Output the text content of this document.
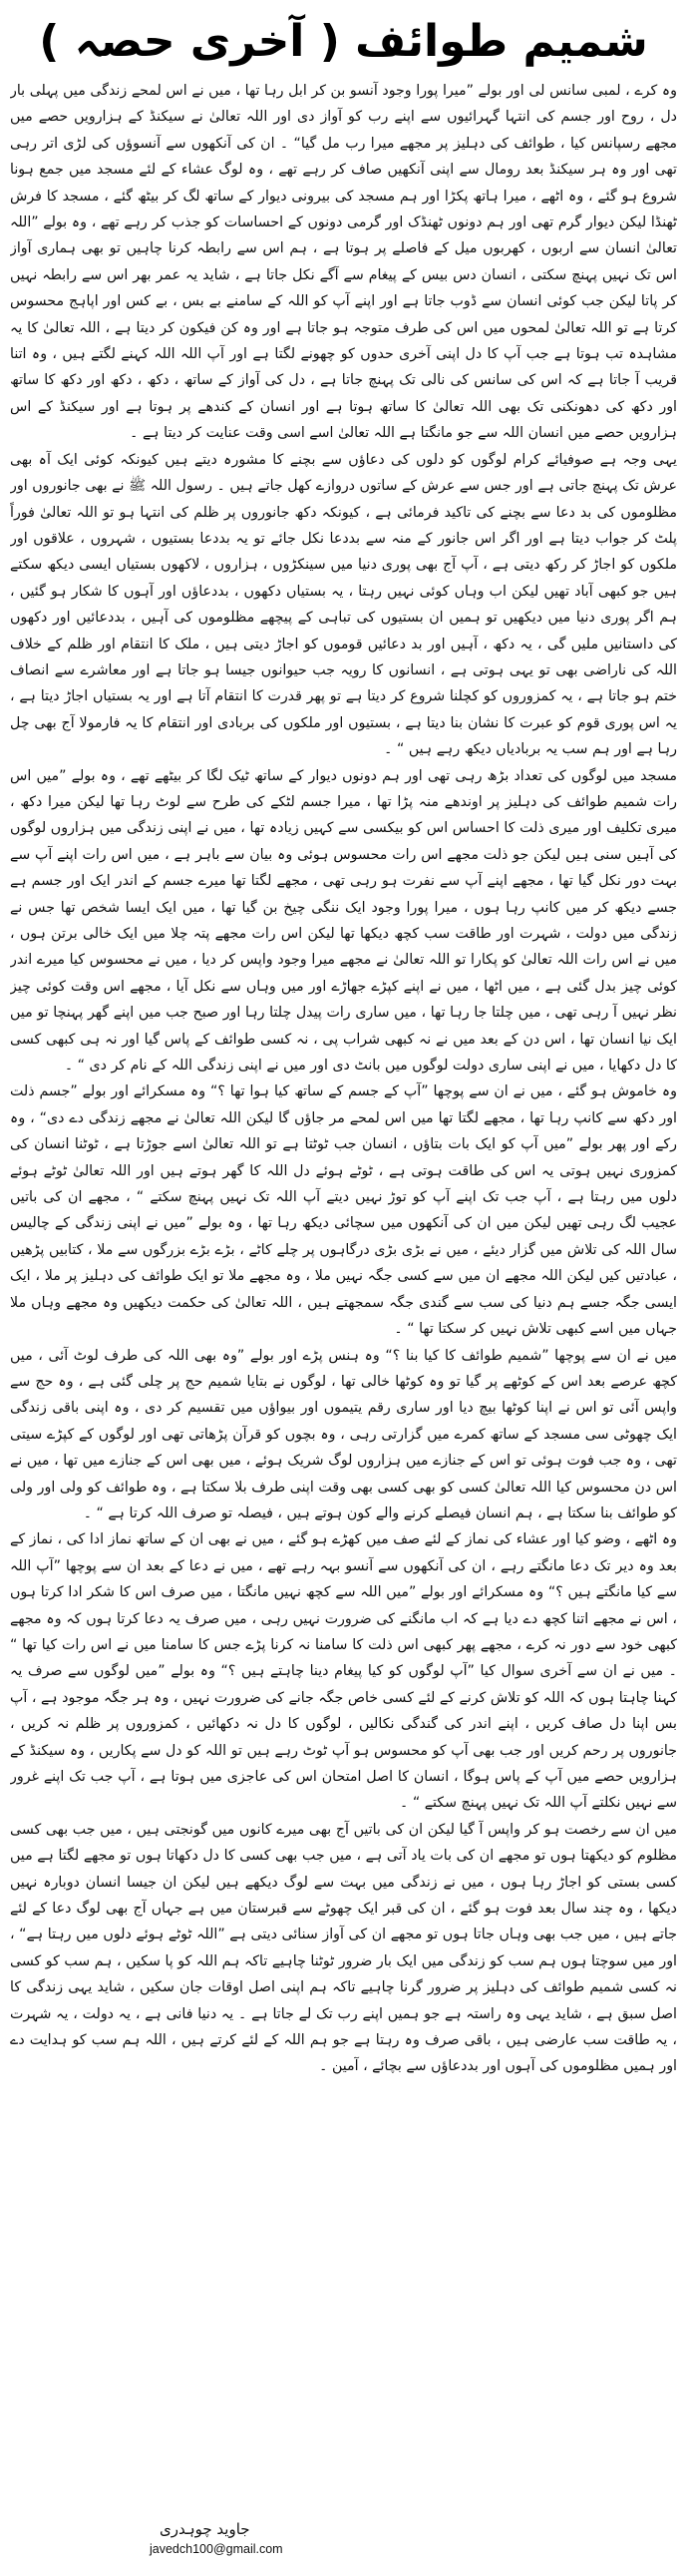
شمیم طوائف ( آخری حصہ )

وہ کرے ، لمبی سانس لی اور بولے ”میرا پورا وجود آنسو بن کر ابل رہا تھا ، میں نے اس لمحے زندگی میں پہلی بار دل ، روح اور جسم کی انتہا گہرائیوں سے اپنے رب کو آواز دی اور اللہ تعالیٰ نے سیکنڈ کے ہزارویں حصے میں مجھے رسپانس کیا ، طوائف کی دہلیز پر مجھے میرا رب مل گیا“ ۔ ان کی آنکھوں سے آنسوؤں کی لڑی اتر رہی تھی اور وہ ہر سیکنڈ بعد رومال سے اپنی آنکھیں صاف کر رہے تھے ، وہ لوگ عشاء کے لئے مسجد میں جمع ہونا شروع ہو گئے ، وہ اٹھے ، میرا ہاتھ پکڑا اور ہم مسجد کی بیرونی دیوار کے ساتھ لگ کر بیٹھ گئے ، مسجد کا فرش ٹھنڈا لیکن دیوار گرم تھی اور ہم دونوں ٹھنڈک اور گرمی دونوں کے احساسات کو جذب کر رہے تھے ، وہ بولے ”اللہ تعالیٰ انسان سے اربوں ، کھربوں میل کے فاصلے پر ہوتا ہے ، ہم اس سے رابطہ کرنا چاہیں تو بھی ہماری آواز اس تک نہیں پہنچ سکتی ، انسان دس بیس کے پیغام سے آگے نکل جاتا ہے ، شاید یہ عمر بھر اس سے رابطہ نہیں کر پاتا لیکن جب کوئی انسان سے ڈوب جاتا ہے اور اپنے آپ کو اللہ کے سامنے بے بس ، بے کس اور اپاہج محسوس کرتا ہے تو اللہ تعالیٰ لمحوں میں اس کی طرف متوجہ ہو جاتا ہے اور وہ کن فیکون کر دیتا ہے ، اللہ تعالیٰ کا یہ مشاہدہ تب ہوتا ہے جب آپ کا دل اپنی آخری حدوں کو چھونے لگتا ہے اور آپ اللہ اللہ کہنے لگتے ہیں ، وہ اتنا قریب آ جاتا ہے کہ اس کی سانس کی نالی تک پہنچ جاتا ہے ، دل کی آواز کے ساتھ ، دکھ ، دکھ اور دکھ کا ساتھ اور دکھ کی دھونکنی تک بھی اللہ تعالیٰ کا ساتھ ہوتا ہے اور انسان کے کندھے پر ہوتا ہے اور سیکنڈ کے اس ہزارویں حصے میں انسان اللہ سے جو مانگتا ہے اللہ تعالیٰ اسے اسی وقت عنایت کر دیتا ہے ۔

یہی وجہ ہے صوفیائے کرام لوگوں کو دلوں کی دعاؤں سے بچنے کا مشورہ دیتے ہیں کیونکہ کوئی ایک آہ بھی عرش تک پہنچ جاتی ہے اور جس سے عرش کے ساتوں دروازے کھل جاتے ہیں ۔ رسول اللہ ﷺ نے بھی جانوروں اور مظلوموں کی بد دعا سے بچنے کی تاکید فرمائی ہے ، کیونکہ دکھ جانوروں پر ظلم کی انتہا ہو تو اللہ تعالیٰ فوراً پلٹ کر جواب دیتا ہے اور اگر اس جانور کے منہ سے بددعا نکل جائے تو یہ بددعا بستیوں ، شہروں ، علاقوں اور ملکوں کو اجاڑ کر رکھ دیتی ہے ، آپ آج بھی پوری دنیا میں سینکڑوں ، ہزاروں ، لاکھوں بستیاں ایسی دیکھ سکتے ہیں جو کبھی آباد تھیں لیکن اب وہاں کوئی نہیں رہتا ، یہ بستیاں دکھوں ، بددعاؤں اور آہوں کا شکار ہو گئیں ، ہم اگر پوری دنیا میں دیکھیں تو ہمیں ان بستیوں کی تباہی کے پیچھے مظلوموں کی آہیں ، بددعائیں اور دکھوں کی داستانیں ملیں گی ، یہ دکھ ، آہیں اور بد دعائیں قوموں کو اجاڑ دیتی ہیں ، ملک کا انتقام اور ظلم کے خلاف اللہ کی ناراضی بھی تو یہی ہوتی ہے ، انسانوں کا رویہ جب حیوانوں جیسا ہو جاتا ہے اور معاشرے سے انصاف ختم ہو جاتا ہے ، یہ کمزوروں کو کچلنا شروع کر دیتا ہے تو پھر قدرت کا انتقام آتا ہے اور یہ بستیاں اجاڑ دیتا ہے ، یہ اس پوری قوم کو عبرت کا نشان بنا دیتا ہے ، بستیوں اور ملکوں کی بربادی اور انتقام کا یہ فارمولا آج بھی چل رہا ہے اور ہم سب یہ بربادیاں دیکھ رہے ہیں “ ۔

مسجد میں لوگوں کی تعداد بڑھ رہی تھی اور ہم دونوں دیوار کے ساتھ ٹیک لگا کر بیٹھے تھے ، وہ بولے ”میں اس رات شمیم طوائف کی دہلیز پر اوندھے منہ پڑا تھا ، میرا جسم لٹکے کی طرح سے لوٹ رہا تھا لیکن میرا دکھ ، میری تکلیف اور میری ذلت کا احساس اس کو بیکسی سے کہیں زیادہ تھا ، میں نے اپنی زندگی میں ہزاروں لوگوں کی آہیں سنی ہیں لیکن جو ذلت مجھے اس رات محسوس ہوئی وہ بیان سے باہر ہے ، میں اس رات اپنے آپ سے بہت دور نکل گیا تھا ، مجھے اپنے آپ سے نفرت ہو رہی تھی ، مجھے لگتا تھا میرے جسم کے اندر ایک اور جسم ہے جسے دیکھ کر میں کانپ رہا ہوں ، میرا پورا وجود ایک ننگی چیخ بن گیا تھا ، میں ایک ایسا شخص تھا جس نے زندگی میں دولت ، شہرت اور طاقت سب کچھ دیکھا تھا لیکن اس رات مجھے پتہ چلا میں ایک خالی برتن ہوں ، میں نے اس رات اللہ تعالیٰ کو پکارا تو اللہ تعالیٰ نے مجھے میرا وجود واپس کر دیا ، میں نے محسوس کیا میرے اندر کوئی چیز بدل گئی ہے ، میں اٹھا ، میں نے اپنے کپڑے جھاڑے اور میں وہاں سے نکل آیا ، مجھے اس وقت کوئی چیز نظر نہیں آ رہی تھی ، میں چلتا جا رہا تھا ، میں ساری رات پیدل چلتا رہا اور صبح جب میں اپنے گھر پہنچا تو میں ایک نیا انسان تھا ، اس دن کے بعد میں نے نہ کبھی شراب پی ، نہ کسی طوائف کے پاس گیا اور نہ ہی کبھی کسی کا دل دکھایا ، میں نے اپنی ساری دولت لوگوں میں بانٹ دی اور میں نے اپنی زندگی اللہ کے نام کر دی “ ۔

وہ خاموش ہو گئے ، میں نے ان سے پوچھا ”آپ کے جسم کے ساتھ کیا ہوا تھا ؟“ وہ مسکرائے اور بولے ”جسم ذلت اور دکھ سے کانپ رہا تھا ، مجھے لگتا تھا میں اس لمحے مر جاؤں گا لیکن اللہ تعالیٰ نے مجھے زندگی دے دی“ ، وہ رکے اور پھر بولے ”میں آپ کو ایک بات بتاؤں ، انسان جب ٹوٹتا ہے تو اللہ تعالیٰ اسے جوڑتا ہے ، ٹوٹنا انسان کی کمزوری نہیں ہوتی یہ اس کی طاقت ہوتی ہے ، ٹوٹے ہوئے دل اللہ کا گھر ہوتے ہیں اور اللہ تعالیٰ ٹوٹے ہوئے دلوں میں رہتا ہے ، آپ جب تک اپنے آپ کو توڑ نہیں دیتے آپ اللہ تک نہیں پہنچ سکتے “ ، مجھے ان کی باتیں عجیب لگ رہی تھیں لیکن میں ان کی آنکھوں میں سچائی دیکھ رہا تھا ، وہ بولے ”میں نے اپنی زندگی کے چالیس سال اللہ کی تلاش میں گزار دیئے ، میں نے بڑی بڑی درگاہوں پر چلے کاٹے ، بڑے بڑے بزرگوں سے ملا ، کتابیں پڑھیں ، عبادتیں کیں لیکن اللہ مجھے ان میں سے کسی جگہ نہیں ملا ، وہ مجھے ملا تو ایک طوائف کی دہلیز پر ملا ، ایک ایسی جگہ جسے ہم دنیا کی سب سے گندی جگہ سمجھتے ہیں ، اللہ تعالیٰ کی حکمت دیکھیں وہ مجھے وہاں ملا جہاں میں اسے کبھی تلاش نہیں کر سکتا تھا “ ۔

میں نے ان سے پوچھا ”شمیم طوائف کا کیا بنا ؟“ وہ ہنس پڑے اور بولے ”وہ بھی اللہ کی طرف لوٹ آئی ، میں کچھ عرصے بعد اس کے کوٹھے پر گیا تو وہ کوٹھا خالی تھا ، لوگوں نے بتایا شمیم حج پر چلی گئی ہے ، وہ حج سے واپس آئی تو اس نے اپنا کوٹھا بیچ دیا اور ساری رقم یتیموں اور بیواؤں میں تقسیم کر دی ، وہ اپنی باقی زندگی ایک چھوٹی سی مسجد کے ساتھ کمرے میں گزارتی رہی ، وہ بچوں کو قرآن پڑھاتی تھی اور لوگوں کے کپڑے سیتی تھی ، وہ جب فوت ہوئی تو اس کے جنازے میں ہزاروں لوگ شریک ہوئے ، میں بھی اس کے جنازے میں تھا ، میں نے اس دن محسوس کیا اللہ تعالیٰ کسی کو بھی کسی بھی وقت اپنی طرف بلا سکتا ہے ، وہ طوائف کو ولی اور ولی کو طوائف بنا سکتا ہے ، ہم انسان فیصلے کرنے والے کون ہوتے ہیں ، فیصلہ تو صرف اللہ کرتا ہے “ ۔

وہ اٹھے ، وضو کیا اور عشاء کی نماز کے لئے صف میں کھڑے ہو گئے ، میں نے بھی ان کے ساتھ نماز ادا کی ، نماز کے بعد وہ دیر تک دعا مانگتے رہے ، ان کی آنکھوں سے آنسو بہہ رہے تھے ، میں نے دعا کے بعد ان سے پوچھا ”آپ اللہ سے کیا مانگتے ہیں ؟“ وہ مسکرائے اور بولے ”میں اللہ سے کچھ نہیں مانگتا ، میں صرف اس کا شکر ادا کرتا ہوں ، اس نے مجھے اتنا کچھ دے دیا ہے کہ اب مانگنے کی ضرورت نہیں رہی ، میں صرف یہ دعا کرتا ہوں کہ وہ مجھے کبھی خود سے دور نہ کرے ، مجھے پھر کبھی اس ذلت کا سامنا نہ کرنا پڑے جس کا سامنا میں نے اس رات کیا تھا “ ۔ میں نے ان سے آخری سوال کیا ”آپ لوگوں کو کیا پیغام دینا چاہتے ہیں ؟“ وہ بولے ”میں لوگوں سے صرف یہ کہنا چاہتا ہوں کہ اللہ کو تلاش کرنے کے لئے کسی خاص جگہ جانے کی ضرورت نہیں ، وہ ہر جگہ موجود ہے ، آپ بس اپنا دل صاف کریں ، اپنے اندر کی گندگی نکالیں ، لوگوں کا دل نہ دکھائیں ، کمزوروں پر ظلم نہ کریں ، جانوروں پر رحم کریں اور جب بھی آپ کو محسوس ہو آپ ٹوٹ رہے ہیں تو اللہ کو دل سے پکاریں ، وہ سیکنڈ کے ہزارویں حصے میں آپ کے پاس ہوگا ، انسان کا اصل امتحان اس کی عاجزی میں ہوتا ہے ، آپ جب تک اپنے غرور سے نہیں نکلتے آپ اللہ تک نہیں پہنچ سکتے “ ۔

میں ان سے رخصت ہو کر واپس آ گیا لیکن ان کی باتیں آج بھی میرے کانوں میں گونجتی ہیں ، میں جب بھی کسی مظلوم کو دیکھتا ہوں تو مجھے ان کی بات یاد آتی ہے ، میں جب بھی کسی کا دل دکھاتا ہوں تو مجھے لگتا ہے میں کسی بستی کو اجاڑ رہا ہوں ، میں نے زندگی میں بہت سے لوگ دیکھے ہیں لیکن ان جیسا انسان دوبارہ نہیں دیکھا ، وہ چند سال بعد فوت ہو گئے ، ان کی قبر ایک چھوٹے سے قبرستان میں ہے جہاں آج بھی لوگ دعا کے لئے جاتے ہیں ، میں جب بھی وہاں جاتا ہوں تو مجھے ان کی آواز سنائی دیتی ہے ”اللہ ٹوٹے ہوئے دلوں میں رہتا ہے“ ، اور میں سوچتا ہوں ہم سب کو زندگی میں ایک بار ضرور ٹوٹنا چاہیے تاکہ ہم اللہ کو پا سکیں ، ہم سب کو کسی نہ کسی شمیم طوائف کی دہلیز پر ضرور گرنا چاہیے تاکہ ہم اپنی اصل اوقات جان سکیں ، شاید یہی زندگی کا اصل سبق ہے ، شاید یہی وہ راستہ ہے جو ہمیں اپنے رب تک لے جاتا ہے ۔ یہ دنیا فانی ہے ، یہ دولت ، یہ شہرت ، یہ طاقت سب عارضی ہیں ، باقی صرف وہ رہتا ہے جو ہم اللہ کے لئے کرتے ہیں ، اللہ ہم سب کو ہدایت دے اور ہمیں مظلوموں کی آہوں اور بددعاؤں سے بچائے ، آمین ۔

جاوید چوہدری
javedch100@gmail.com
